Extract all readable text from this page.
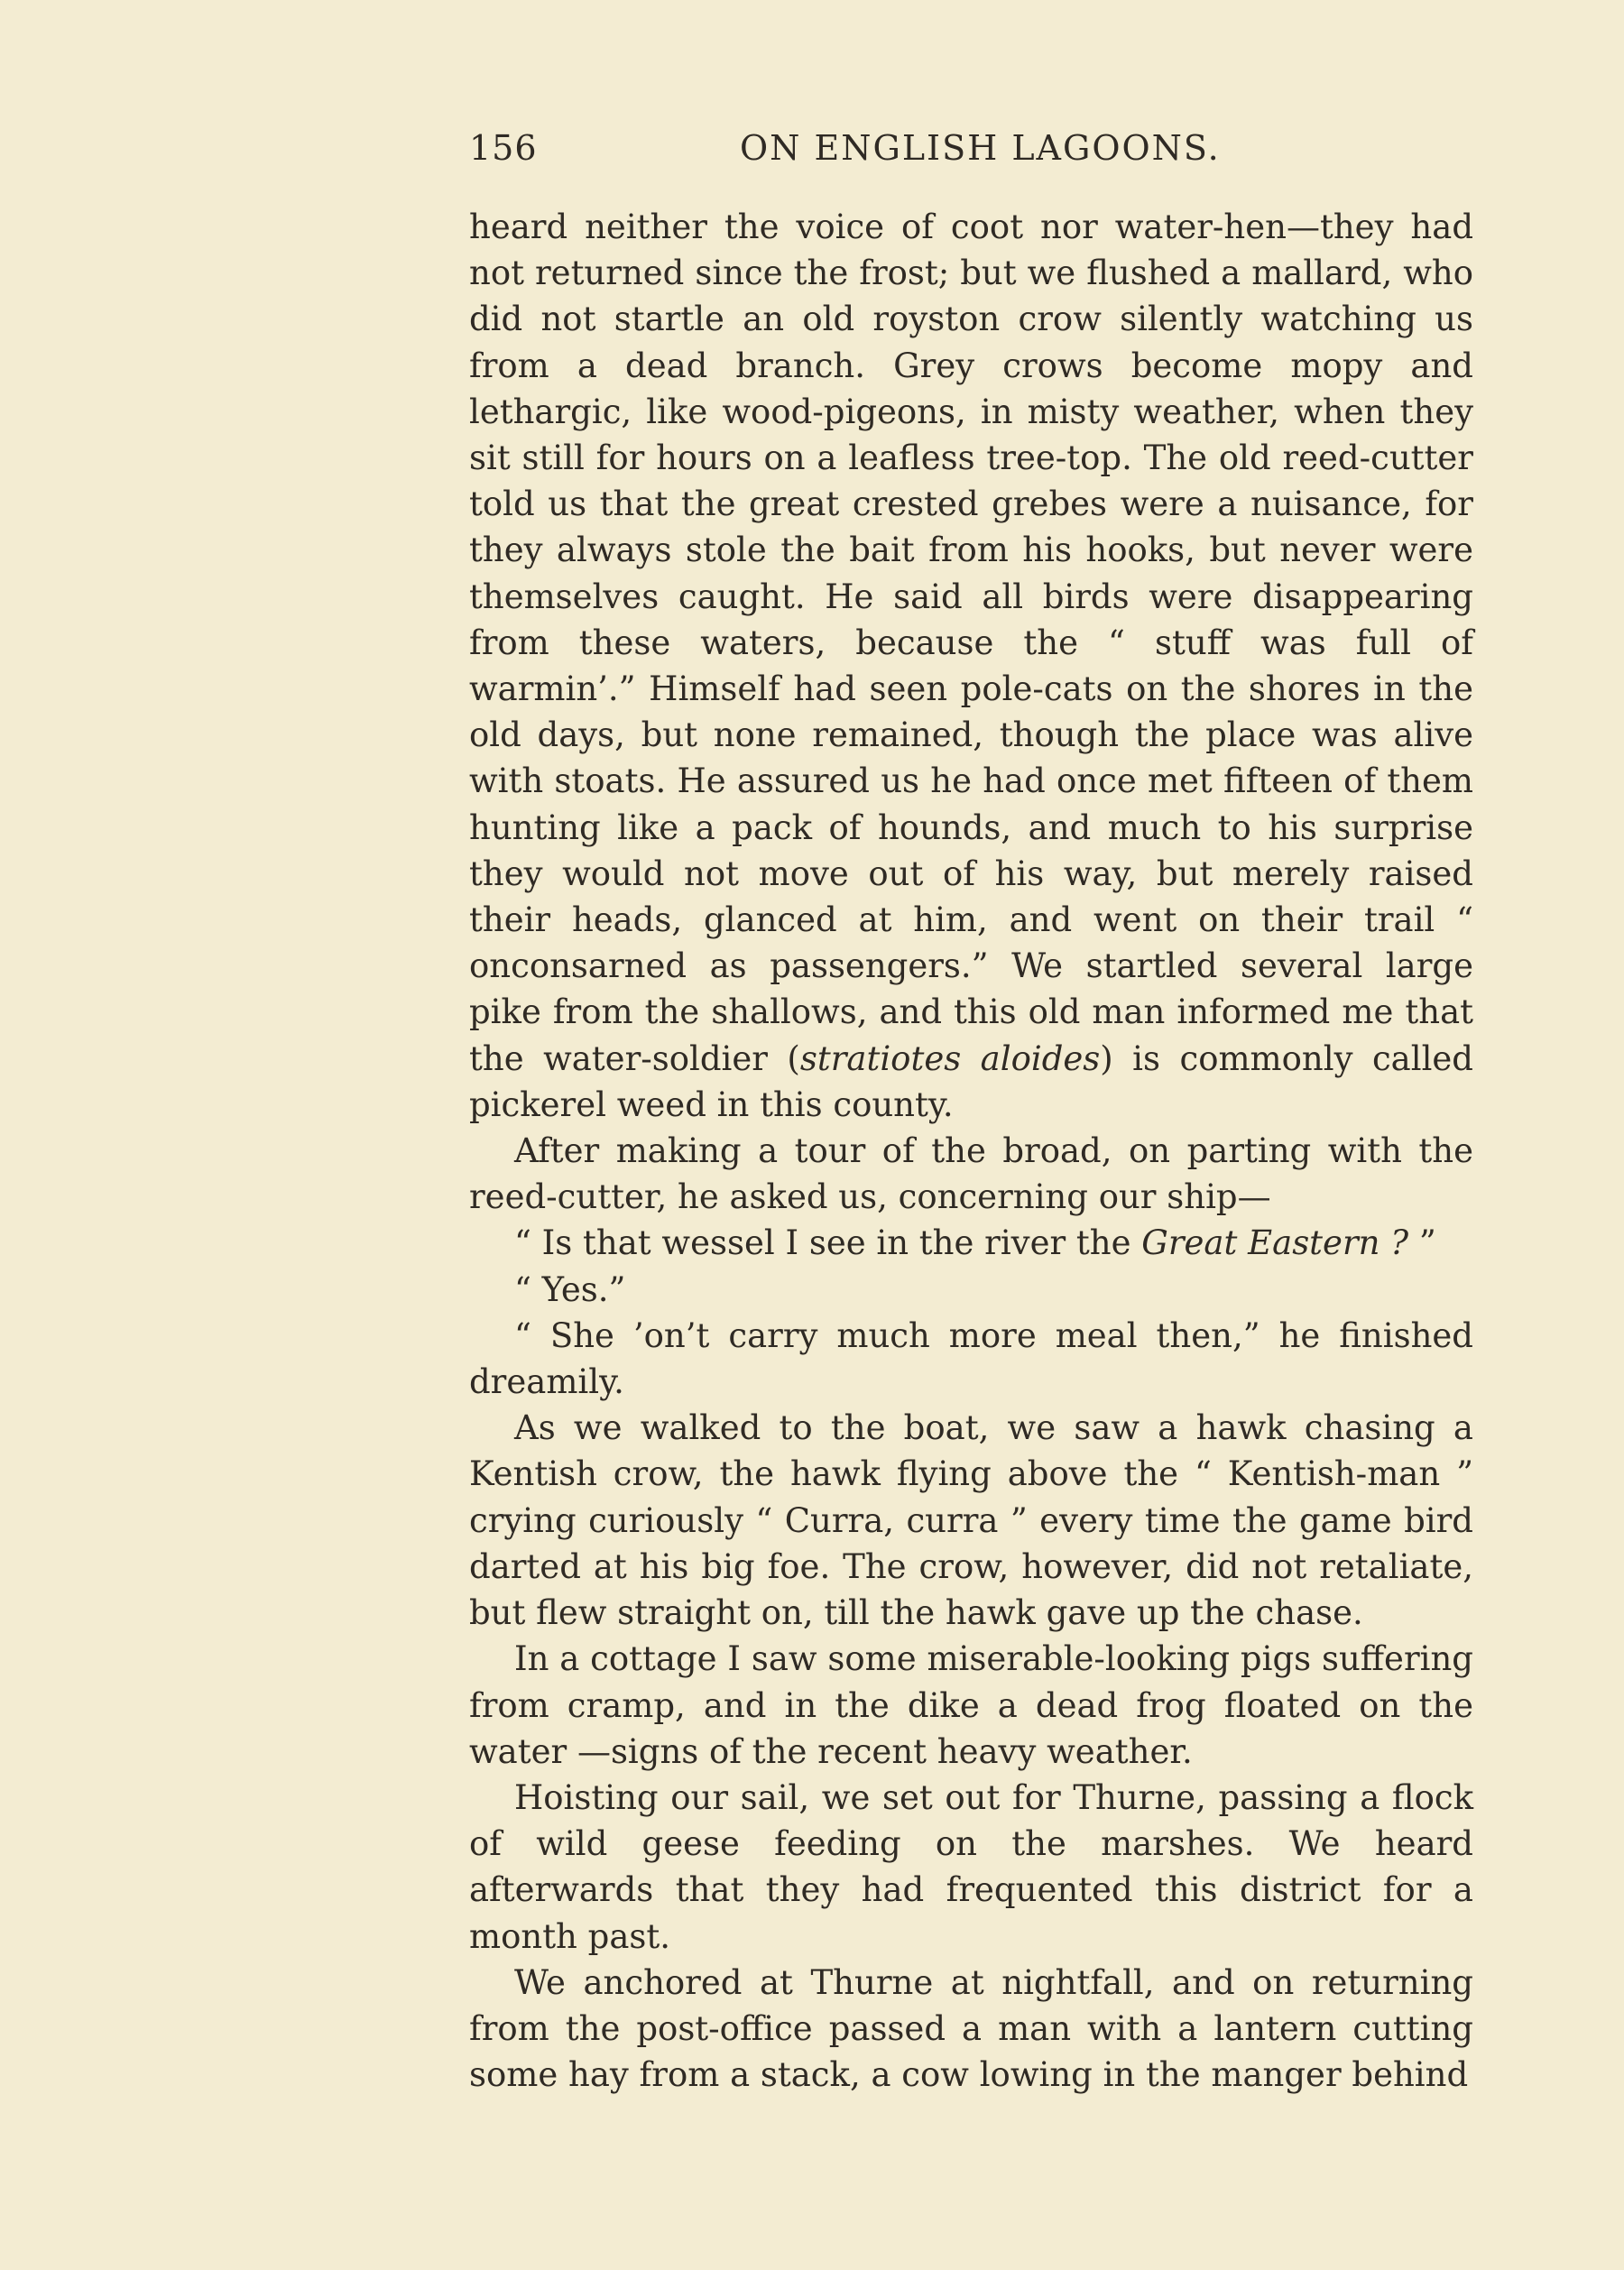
156	ON ENGLISH LAGOONS.

heard neither the voice of coot nor water-hen—they had not returned since the frost; but we flushed a mallard, who did not startle an old royston crow silently watching us from a dead branch. Grey crows become mopy and lethargic, like wood-pigeons, in misty weather, when they sit still for hours on a leafless tree-top. The old reed-cutter told us that the great crested grebes were a nuisance, for they always stole the bait from his hooks, but never were themselves caught. He said all birds were disappearing from these waters, because the “ stuff was full of warmin’.” Himself had seen pole-cats on the shores in the old days, but none remained, though the place was alive with stoats. He assured us he had once met fifteen of them hunting like a pack of hounds, and much to his surprise they would not move out of his way, but merely raised their heads, glanced at him, and went on their trail “ onconsarned as passengers.” We startled several large pike from the shallows, and this old man informed me that the water-soldier (stratiotes aloides) is commonly called pickerel weed in this county.

After making a tour of the broad, on parting with the reed-cutter, he asked us, concerning our ship—

“ Is that wessel I see in the river the Great Eastern ? ”

“ Yes.”

“ She ’on’t carry much more meal then,” he finished dreamily.

As we walked to the boat, we saw a hawk chasing a Kentish crow, the hawk flying above the “ Kentish-man ” crying curiously “ Curra, curra ” every time the game bird darted at his big foe. The crow, however, did not retaliate, but flew straight on, till the hawk gave up the chase.

In a cottage I saw some miserable-looking pigs suffering from cramp, and in the dike a dead frog floated on the water —signs of the recent heavy weather.

Hoisting our sail, we set out for Thurne, passing a flock of wild geese feeding on the marshes. We heard afterwards that they had frequented this district for a month past.

We anchored at Thurne at nightfall, and on returning from the post-office passed a man with a lantern cutting some hay from a stack, a cow lowing in the manger behind
